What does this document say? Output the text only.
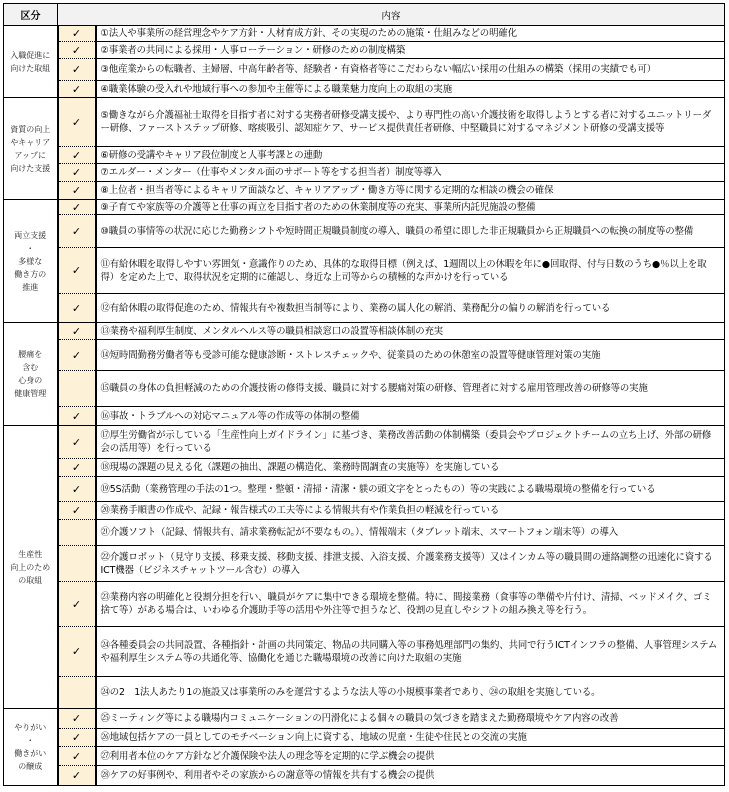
区分	内容	
入職促進に
向けた取組	✓	①法人や事業所の経営理念やケア方針・人材育成方針、その実現のための施策・仕組みなどの明確化
	✓	②事業者の共同による採用・人事ローテーション・研修のための制度構築
	✓	③他産業からの転職者、主婦層、中高年齢者等、経験者・有資格者等にこだわらない幅広い採用の仕組みの構築（採用の実績でも可）
	✓	④職業体験の受入れや地域行事への参加や主催等による職業魅力度向上の取組の実施
資質の向上
やキャリア
アップに
向けた支援	✓	⑤働きながら介護福祉士取得を目指す者に対する実務者研修受講支援や、より専門性の高い介護技術を取得しようとする者に対するユニットリーダー研修、ファーストステップ研修、喀痰吸引、認知症ケア、サービス提供責任者研修、中堅職員に対するマネジメント研修の受講支援等
	✓	⑥研修の受講やキャリア段位制度と人事考課との連動
	✓	⑦エルダー・メンター（仕事やメンタル面のサポート等をする担当者）制度等導入
	✓	⑧上位者・担当者等によるキャリア面談など、キャリアアップ・働き方等に関する定期的な相談の機会の確保
両立支援
・
多様な
働き方の
推進	✓	⑨子育てや家族等の介護等と仕事の両立を目指す者のための休業制度等の充実、事業所内託児施設の整備
	✓	⑩職員の事情等の状況に応じた勤務シフトや短時間正規職員制度の導入、職員の希望に即した非正規職員から正規職員への転換の制度等の整備
	✓	⑪有給休暇を取得しやすい雰囲気・意識作りのため、具体的な取得目標（例えば、1週間以上の休暇を年に●回取得、付与日数のうち●％以上を取得）を定めた上で、取得状況を定期的に確認し、身近な上司等からの積極的な声かけを行っている
	✓	⑫有給休暇の取得促進のため、情報共有や複数担当制等により、業務の属人化の解消、業務配分の偏りの解消を行っている
腰痛を
含む
心身の
健康管理	✓	⑬業務や福利厚生制度、メンタルヘルス等の職員相談窓口の設置等相談体制の充実
	✓	⑭短時間勤務労働者等も受診可能な健康診断・ストレスチェックや、従業員のための休憩室の設置等健康管理対策の実施
		⑮職員の身体の負担軽減のための介護技術の修得支援、職員に対する腰痛対策の研修、管理者に対する雇用管理改善の研修等の実施
	✓	⑯事故・トラブルへの対応マニュアル等の作成等の体制の整備
生産性
向上のため
の取組	✓	⑰厚生労働省が示している「生産性向上ガイドライン」に基づき、業務改善活動の体制構築（委員会やプロジェクトチームの立ち上げ、外部の研修会の活用等）を行っている
	✓	⑱現場の課題の見える化（課題の抽出、課題の構造化、業務時間調査の実施等）を実施している
	✓	⑲5S活動（業務管理の手法の1つ。整理・整頓・清掃・清潔・躾の頭文字をとったもの）等の実践による職場環境の整備を行っている
	✓	⑳業務手順書の作成や、記録・報告様式の工夫等による情報共有や作業負担の軽減を行っている
		㉑介護ソフト（記録、情報共有、請求業務転記が不要なもの。）、情報端末（タブレット端末、スマートフォン端末等）の導入
		㉒介護ロボット（見守り支援、移乗支援、移動支援、排泄支援、入浴支援、介護業務支援等）又はインカム等の職員間の連絡調整の迅速化に資するICT機器（ビジネスチャットツール含む）の導入
	✓	㉓業務内容の明確化と役割分担を行い、職員がケアに集中できる環境を整備。特に、間接業務（食事等の準備や片付け、清掃、ベッドメイク、ゴミ捨て等）がある場合は、いわゆる介護助手等の活用や外注等で担うなど、役割の見直しやシフトの組み換え等を行う。
	✓	㉔各種委員会の共同設置、各種指針・計画の共同策定、物品の共同購入等の事務処理部門の集約、共同で行うICTインフラの整備、人事管理システムや福利厚生システム等の共通化等、協働化を通じた職場環境の改善に向けた取組の実施
		㉔の2　1法人あたり1の施設又は事業所のみを運営するような法人等の小規模事業者であり、㉔の取組を実施している。
やりがい
・
働きがい
の醸成	✓	㉕ミーティング等による職場内コミュニケーションの円滑化による個々の職員の気づきを踏まえた勤務環境やケア内容の改善
	✓	㉖地域包括ケアの一員としてのモチベーション向上に資する、地域の児童・生徒や住民との交流の実施
	✓	㉗利用者本位のケア方針など介護保険や法人の理念等を定期的に学ぶ機会の提供
	✓	㉘ケアの好事例や、利用者やその家族からの謝意等の情報を共有する機会の提供
